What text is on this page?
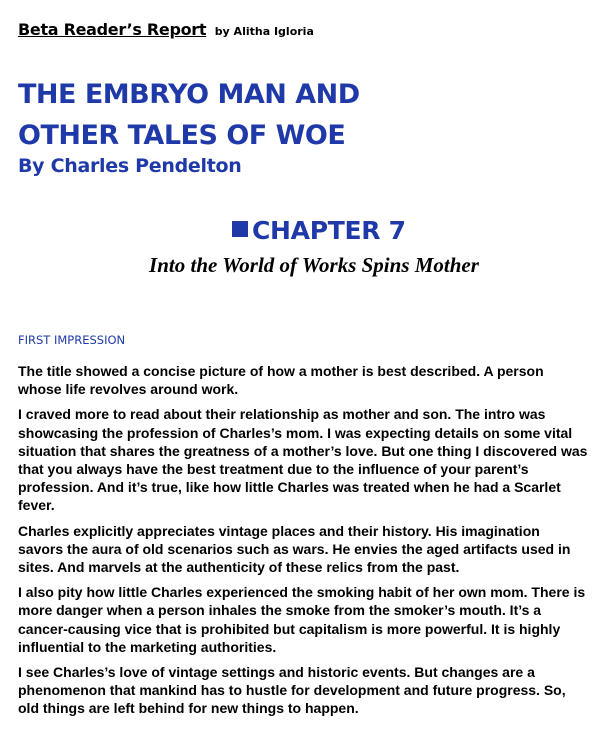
Beta Reader’s Report by Alitha Igloria
THE EMBRYO MAN AND
OTHER TALES OF WOE
By Charles Pendelton
CHAPTER 7
Into the World of Works Spins Mother
FIRST IMPRESSION

The title showed a concise picture of how a mother is best described. A person whose life revolves around work.

I craved more to read about their relationship as mother and son. The intro was showcasing the profession of Charles’s mom. I was expecting details on some vital situation that shares the greatness of a mother’s love. But one thing I discovered was that you always have the best treatment due to the influence of your parent’s profession. And it’s true, like how little Charles was treated when he had a Scarlet fever.

Charles explicitly appreciates vintage places and their history. His imagination savors the aura of old scenarios such as wars. He envies the aged artifacts used in sites. And marvels at the authenticity of these relics from the past.

I also pity how little Charles experienced the smoking habit of her own mom. There is more danger when a person inhales the smoke from the smoker’s mouth. It’s a cancer-causing vice that is prohibited but capitalism is more powerful. It is highly influential to the marketing authorities.

I see Charles’s love of vintage settings and historic events. But changes are a phenomenon that mankind has to hustle for development and future progress. So, old things are left behind for new things to happen.
